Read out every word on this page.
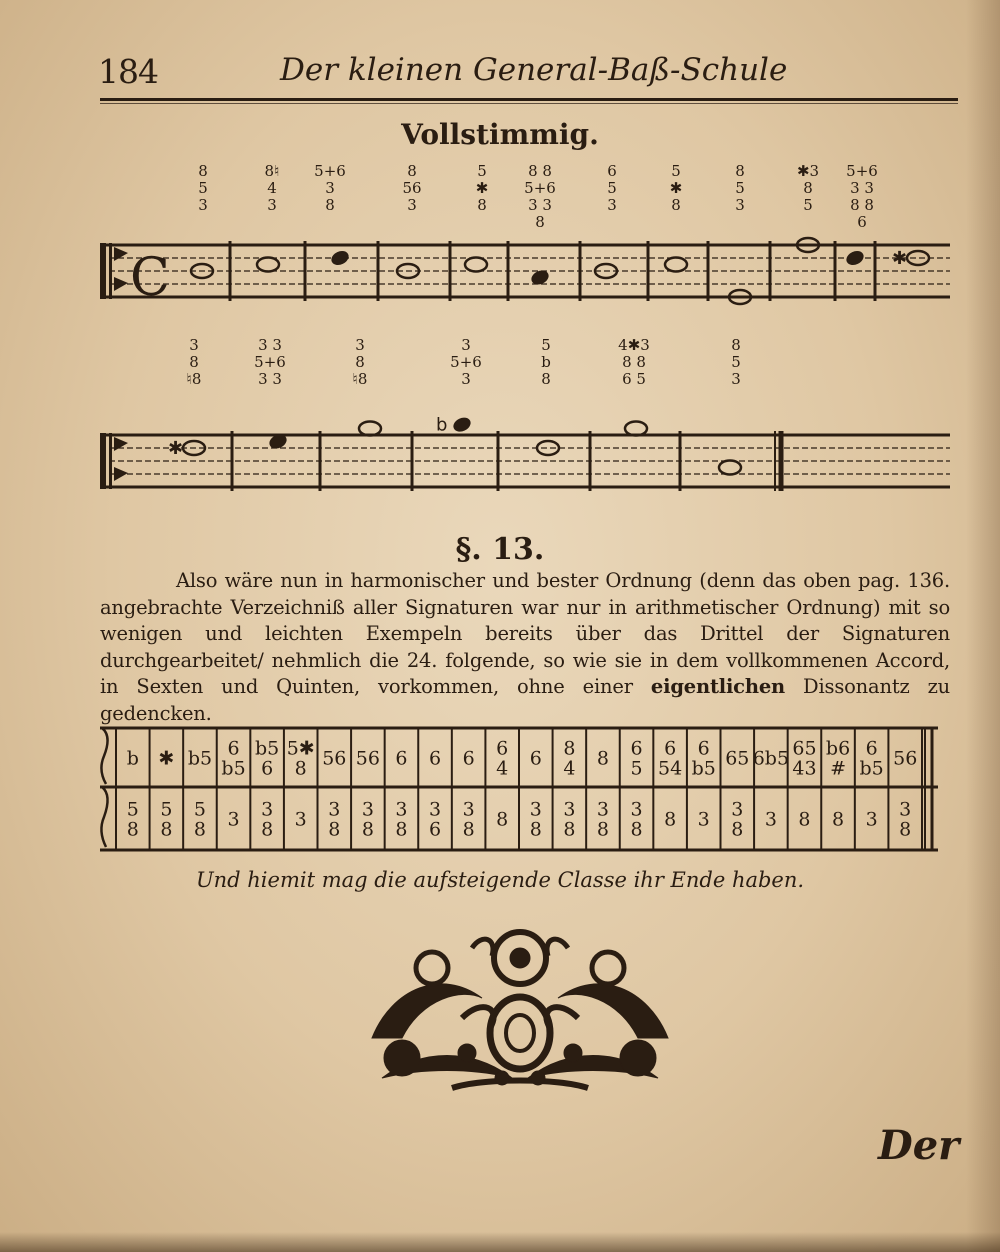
184	Der kleinen General-Baß-Schule
Vollstimmig.
8
5
3
8♮
4
3
5+6
3
8
8
56
3
5
✱
8
8 8
5+6
3 3
8
6
5
3
5
✱
8
8
5
3
✱3
8
5
5+6
3 3
8 8
6
C	✱
3
8
♮8
3 3
5+6
3 3
3
8
♮8
3
5+6
3
5
b
8
4✱3
8 8
6 5
8
5
3
✱
b
§. 13.
Also wäre nun in harmonischer und bester Ordnung (denn das oben pag. 136. angebrachte Verzeichniß aller Signaturen war nur in arithmetischer Ordnung) mit so wenigen und leichten Exempeln bereits über das Drittel der Signaturen durchgearbeitet/ nehmlich die 24. folgende, so wie sie in dem vollkommenen Accord, in Sexten und Quinten, vorkommen, ohne einer eigentlichen Dissonantz zu gedencken.
b ✱ b5 6
b5
b5
6
5✱
8 56 56 6 6 6 6
4 6 8
4 8 6
5
6
54
6
b5 65 6b5 65
43
b6
#
6
b5 56
5
8
5
8
5
8 3 3
8 3 3
8
3
8
3
8
3
6
3
8 8 3
8
3
8
3
8
3
8 8 3 3
8 3 8 8 3 3
8
Und hiemit mag die aufsteigende Classe ihr Ende haben.
Der
